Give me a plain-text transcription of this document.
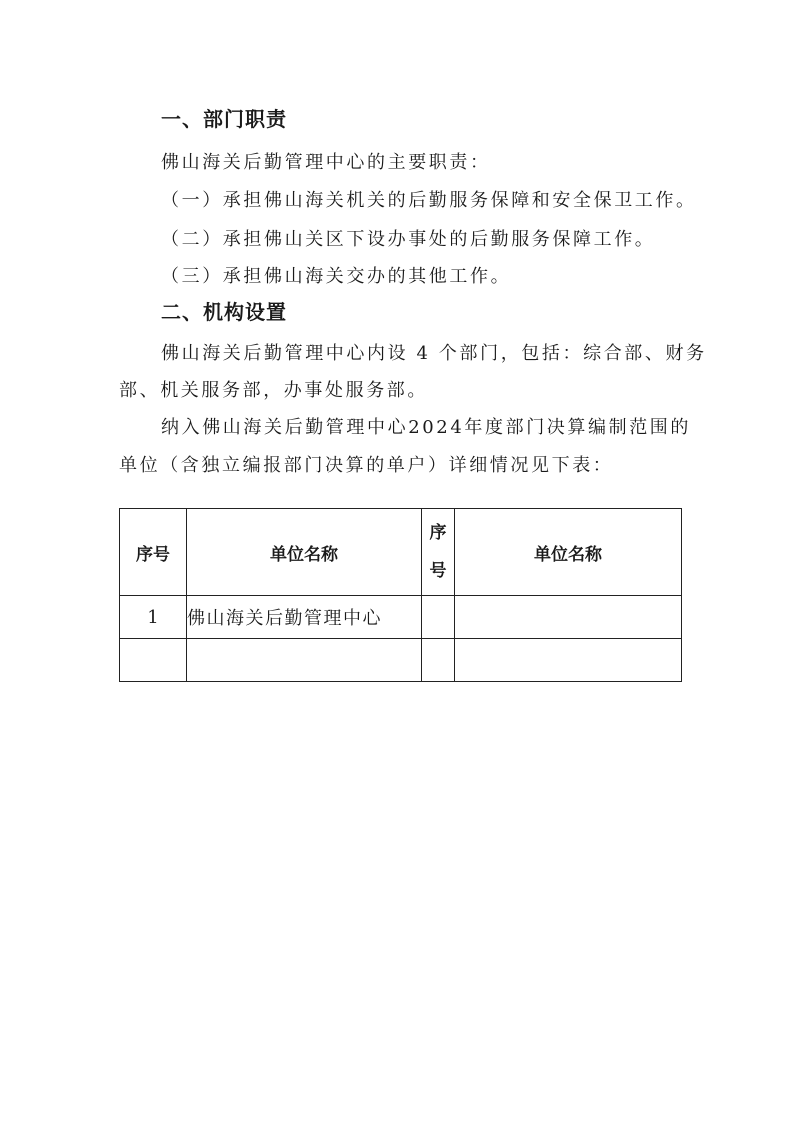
一、部门职责
佛山海关后勤管理中心的主要职责：
（一）承担佛山海关机关的后勤服务保障和安全保卫工作。
（二）承担佛山关区下设办事处的后勤服务保障工作。
（三）承担佛山海关交办的其他工作。
二、机构设置
佛山海关后勤管理中心内设 4 个部门，包括：综合部、财务
部、机关服务部，办事处服务部。
纳入佛山海关后勤管理中心2024年度部门决算编制范围的
单位（含独立编报部门决算的单户）详细情况见下表：
序号	单位名称	序号	单位名称
1	佛山海关后勤管理中心		
